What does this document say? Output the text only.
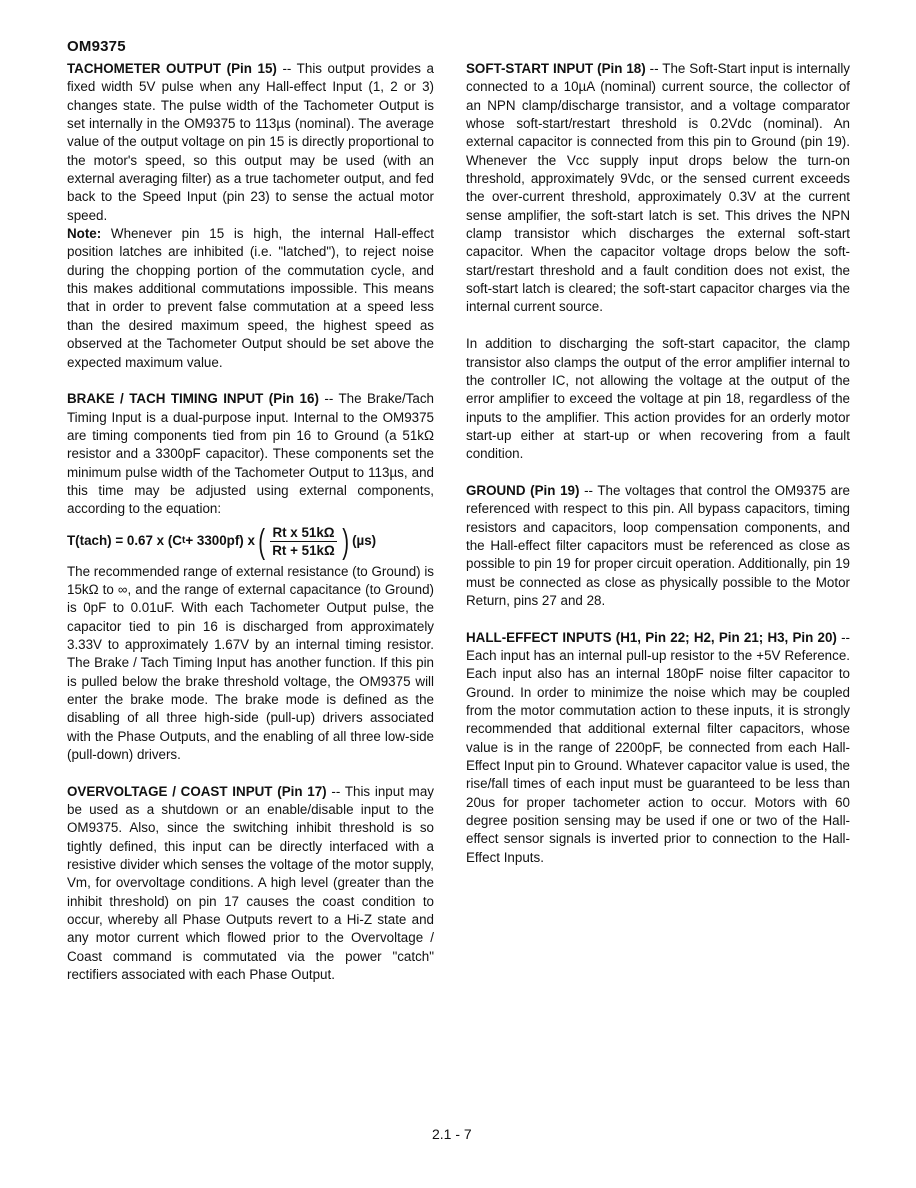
OM9375

TACHOMETER OUTPUT (Pin 15) -- This output provides a fixed width 5V pulse when any Hall-effect Input (1, 2 or 3) changes state. The pulse width of the Tachometer Output is set internally in the OM9375 to 113µs (nominal). The average value of the output voltage on pin 15 is directly proportional to the motor's speed, so this output may be used (with an external averaging filter) as a true tachometer output, and fed back to the Speed Input (pin 23) to sense the actual motor speed.

Note: Whenever pin 15 is high, the internal Hall-effect position latches are inhibited (i.e. "latched"), to reject noise during the chopping portion of the commutation cycle, and this makes additional commutations impossible. This means that in order to prevent false commutation at a speed less than the desired maximum speed, the highest speed as observed at the Tachometer Output should be set above the expected maximum value.

BRAKE / TACH TIMING INPUT (Pin 16) -- The Brake/Tach Timing Input is a dual-purpose input. Internal to the OM9375 are timing components tied from pin 16 to Ground (a 51kΩ resistor and a 3300pF capacitor). These components set the minimum pulse width of the Tachometer Output to 113µs, and this time may be adjusted using external components, according to the equation:

T(tach) = 0.67 x (C t + 3300pf) x ( $\frac{\text{Rt x 51kΩ}}{Rt + 51k\Omega}$ ) (µs)

The recommended range of external resistance (to Ground) is 15kΩ to ∞, and the range of external capacitance (to Ground) is 0pF to 0.01uF. With each Tachometer Output pulse, the capacitor tied to pin 16 is discharged from approximately 3.33V to approximately 1.67V by an internal timing resistor. The Brake / Tach Timing Input has another function. If this pin is pulled below the brake threshold voltage, the OM9375 will enter the brake mode. The brake mode is defined as the disabling of all three high-side (pull-up) drivers associated with the Phase Outputs, and the enabling of all three low-side (pull-down) drivers.

OVERVOLTAGE / COAST INPUT (Pin 17) -- This input may be used as a shutdown or an enable/disable input to the OM9375. Also, since the switching inhibit threshold is so tightly defined, this input can be directly interfaced with a resistive divider which senses the voltage of the motor supply, Vm, for overvoltage conditions. A high level (greater than the inhibit threshold) on pin 17 causes the coast condition to occur, whereby all Phase Outputs revert to a Hi-Z state and any motor current which flowed prior to the Overvoltage / Coast command is commutated via the power "catch" rectifiers associated with each Phase Output.

SOFT-START INPUT (Pin 18) -- The Soft-Start input is internally connected to a 10µA (nominal) current source, the collector of an NPN clamp/discharge transistor, and a voltage comparator whose soft-start/restart threshold is 0.2Vdc (nominal). An external capacitor is connected from this pin to Ground (pin 19). Whenever the Vcc supply input drops below the turn-on threshold, approximately 9Vdc, or the sensed current exceeds the over-current threshold, approximately 0.3V at the current sense amplifier, the soft-start latch is set. This drives the NPN clamp transistor which discharges the external soft-start capacitor. When the capacitor voltage drops below the soft-start/restart threshold and a fault condition does not exist, the soft-start latch is cleared; the soft-start capacitor charges via the internal current source.

In addition to discharging the soft-start capacitor, the clamp transistor also clamps the output of the error amplifier internal to the controller IC, not allowing the voltage at the output of the error amplifier to exceed the voltage at pin 18, regardless of the inputs to the amplifier. This action provides for an orderly motor start-up either at start-up or when recovering from a fault condition.

GROUND (Pin 19) -- The voltages that control the OM9375 are referenced with respect to this pin. All bypass capacitors, timing resistors and capacitors, loop compensation components, and the Hall-effect filter capacitors must be referenced as close as possible to pin 19 for proper circuit operation. Additionally, pin 19 must be connected as close as physically possible to the Motor Return, pins 27 and 28.

HALL-EFFECT INPUTS (H1, Pin 22; H2, Pin 21; H3, Pin 20) -- Each input has an internal pull-up resistor to the +5V Reference. Each input also has an internal 180pF noise filter capacitor to Ground. In order to minimize the noise which may be coupled from the motor commutation action to these inputs, it is strongly recommended that additional external filter capacitors, whose value is in the range of 2200pF, be connected from each Hall-Effect Input pin to Ground. Whatever capacitor value is used, the rise/fall times of each input must be guaranteed to be less than 20us for proper tachometer action to occur. Motors with 60 degree position sensing may be used if one or two of the Hall-effect sensor signals is inverted prior to connection to the Hall-Effect Inputs.

2.1 - 7
